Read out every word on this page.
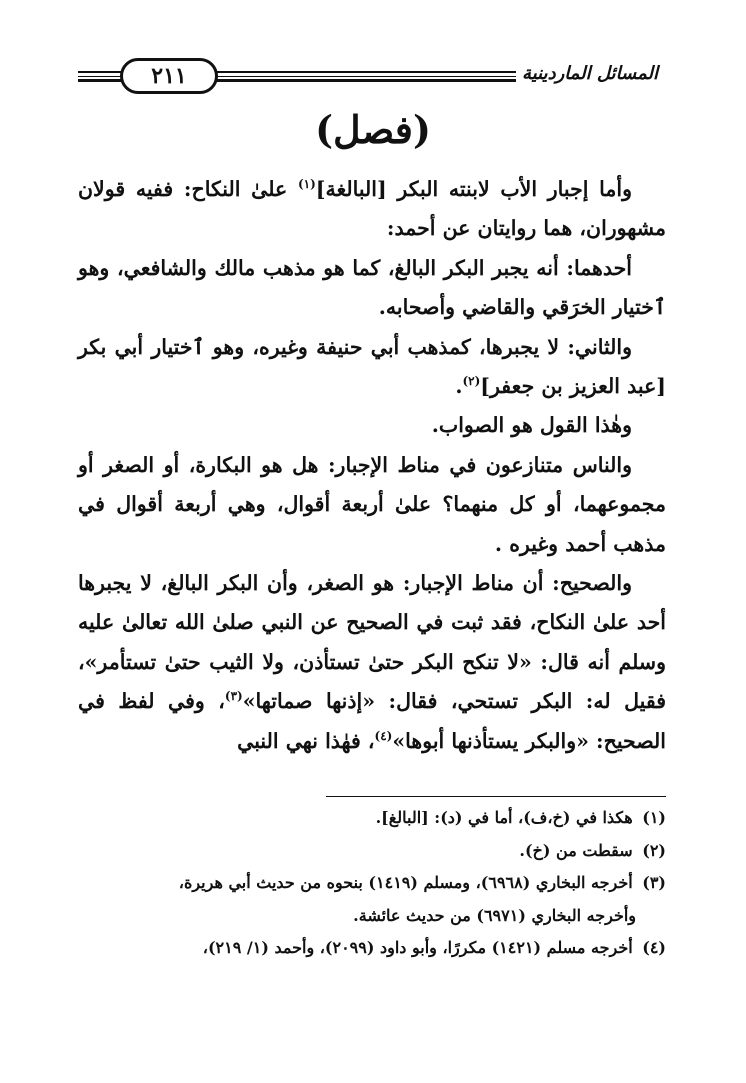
٢١١	المسائل الماردينية
(فصل)

وأما إجبار الأب لابنته البكر [البالغة]$^{(١)}$ علىٰ النكاح: ففيه قولان مشهوران، هما روايتان عن أحمد:

أحدهما: أنه يجبر البكر البالغ، كما هو مذهب مالك والشافعي، وهو ٱختيار الخرَقي والقاضي وأصحابه.

والثاني: لا يجبرها، كمذهب أبي حنيفة وغيره، وهو ٱختيار أبي بكر [عبد العزيز بن جعفر]$^{(٢)}$.

وهٰذا القول هو الصواب.

والناس متنازعون في مناط الإجبار: هل هو البكارة، أو الصغر أو مجموعهما، أو كل منهما؟ علىٰ أربعة أقوال، وهي أربعة أقوال في مذهب أحمد وغيره .

والصحيح: أن مناط الإجبار: هو الصغر، وأن البكر البالغ، لا يجبرها أحد علىٰ النكاح، فقد ثبت في الصحيح عن النبي صلىٰ الله تعالىٰ عليه وسلم أنه قال: «لا تنكح البكر حتىٰ تستأذن، ولا الثيب حتىٰ تستأمر»، فقيل له: البكر تستحي، فقال: «إذنها صماتها»$^{(٣)}$، وفي لفظ في الصحيح: «والبكر يستأذنها أبوها»$^{(٤)}$، فهٰذا نهي النبي

(١) هكذا في (خ،ف)، أما في (د): [البالغ].

(٢) سقطت من (خ).

(٣) أخرجه البخاري (٦٩٦٨)، ومسلم (١٤١٩) بنحوه من حديث أبي هريرة،
وأخرجه البخاري (٦٩٧١) من حديث عائشة.

(٤) أخرجه مسلم (١٤٢١) مكررًا، وأبو داود (٢٠٩٩)، وأحمد (١/ ٢١٩)،
